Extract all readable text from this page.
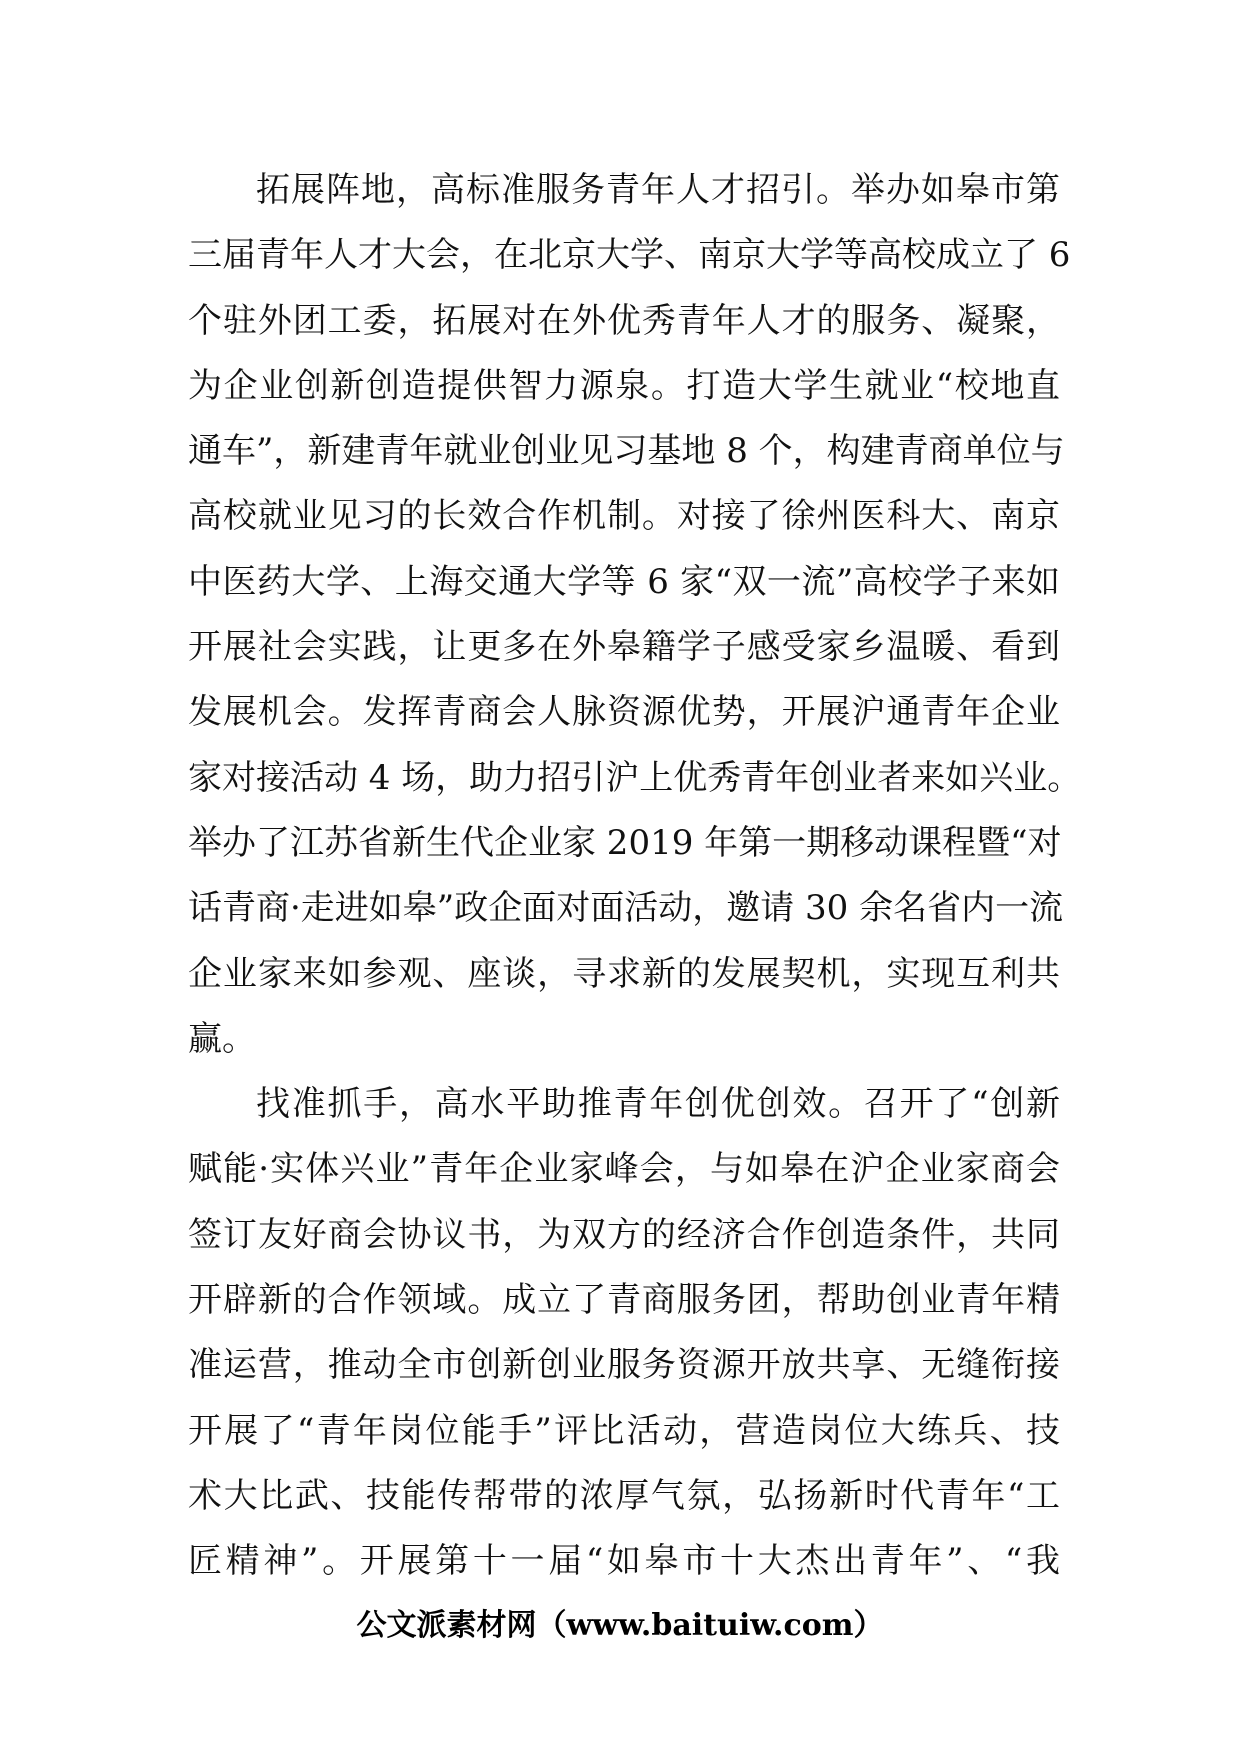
拓展阵地，高标准服务青年人才招引。举办如皋市第
三届青年人才大会，在北京大学、南京大学等高校成立了 6
个驻外团工委，拓展对在外优秀青年人才的服务、凝聚，
为企业创新创造提供智力源泉。打造大学生就业“校地直
通车”，新建青年就业创业见习基地 8 个，构建青商单位与
高校就业见习的长效合作机制。对接了徐州医科大、南京
中医药大学、上海交通大学等 6 家“双一流”高校学子来如
开展社会实践，让更多在外皋籍学子感受家乡温暖、看到
发展机会。发挥青商会人脉资源优势，开展沪通青年企业
家对接活动 4 场，助力招引沪上优秀青年创业者来如兴业。
举办了江苏省新生代企业家 2019 年第一期移动课程暨“对
话青商·走进如皋”政企面对面活动，邀请 30 余名省内一流
企业家来如参观、座谈，寻求新的发展契机，实现互利共
赢。
找准抓手，高水平助推青年创优创效。召开了“创新
赋能·实体兴业”青年企业家峰会，与如皋在沪企业家商会
签订友好商会协议书，为双方的经济合作创造条件，共同
开辟新的合作领域。成立了青商服务团，帮助创业青年精
准运营，推动全市创新创业服务资源开放共享、无缝衔接
开展了“青年岗位能手”评比活动，营造岗位大练兵、技
术大比武、技能传帮带的浓厚气氛，弘扬新时代青年“工
匠精神”。开展第十一届“如皋市十大杰出青年”、“我
公文派素材网（www.baituiw.com）
